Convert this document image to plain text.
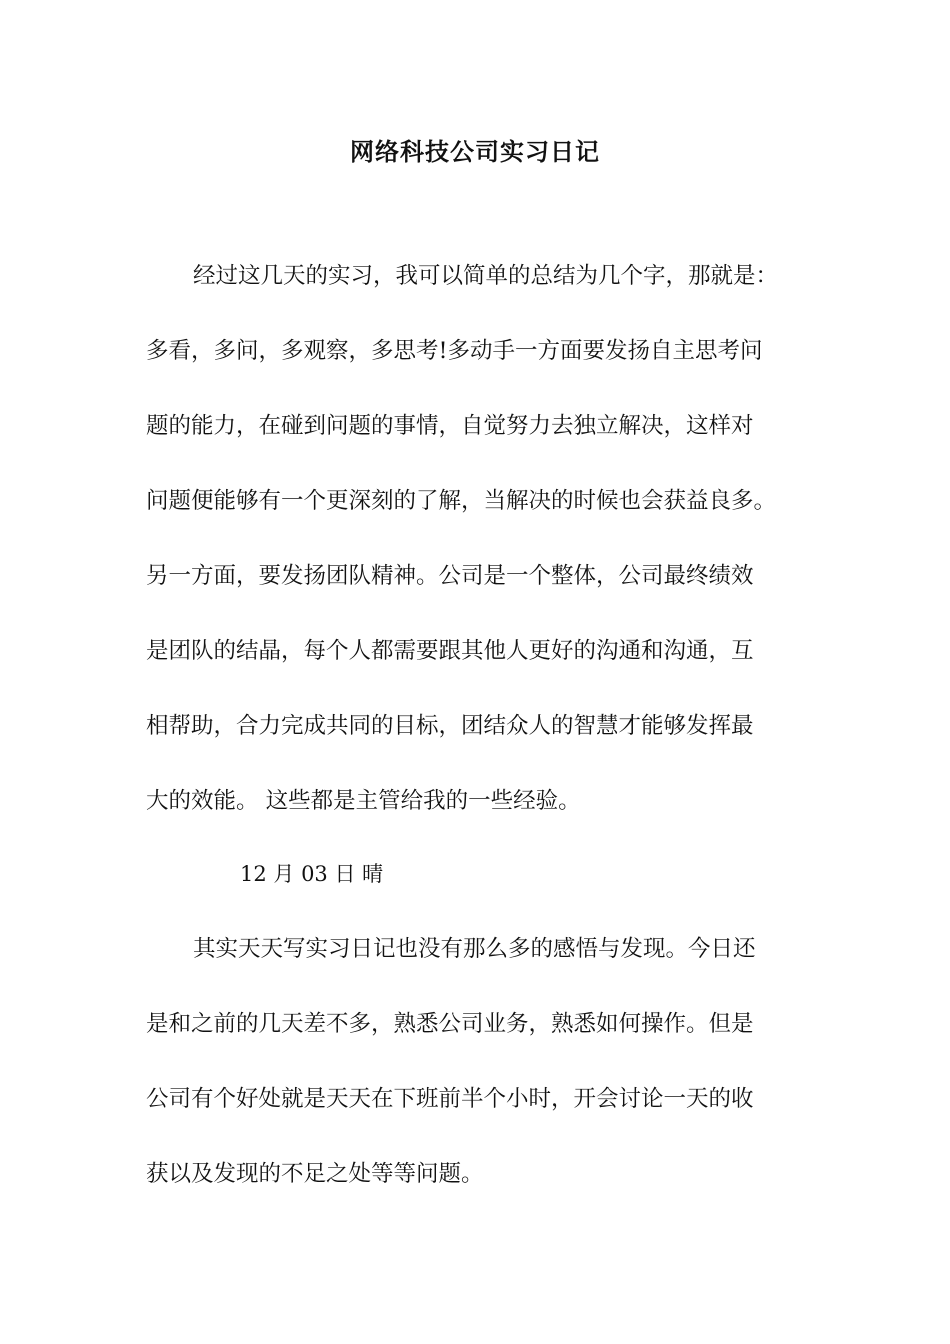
网络科技公司实习日记
经过这几天的实习，我可以简单的总结为几个字，那就是：
多看，多问，多观察，多思考!多动手一方面要发扬自主思考问
题的能力，在碰到问题的事情，自觉努力去独立解决，这样对
问题便能够有一个更深刻的了解，当解决的时候也会获益良多。
另一方面，要发扬团队精神。公司是一个整体，公司最终绩效
是团队的结晶，每个人都需要跟其他人更好的沟通和沟通，互
相帮助，合力完成共同的目标，团结众人的智慧才能够发挥最
大的效能。 这些都是主管给我的一些经验。
12 月 03 日 晴
其实天天写实习日记也没有那么多的感悟与发现。今日还
是和之前的几天差不多，熟悉公司业务，熟悉如何操作。但是
公司有个好处就是天天在下班前半个小时，开会讨论一天的收
获以及发现的不足之处等等问题。
